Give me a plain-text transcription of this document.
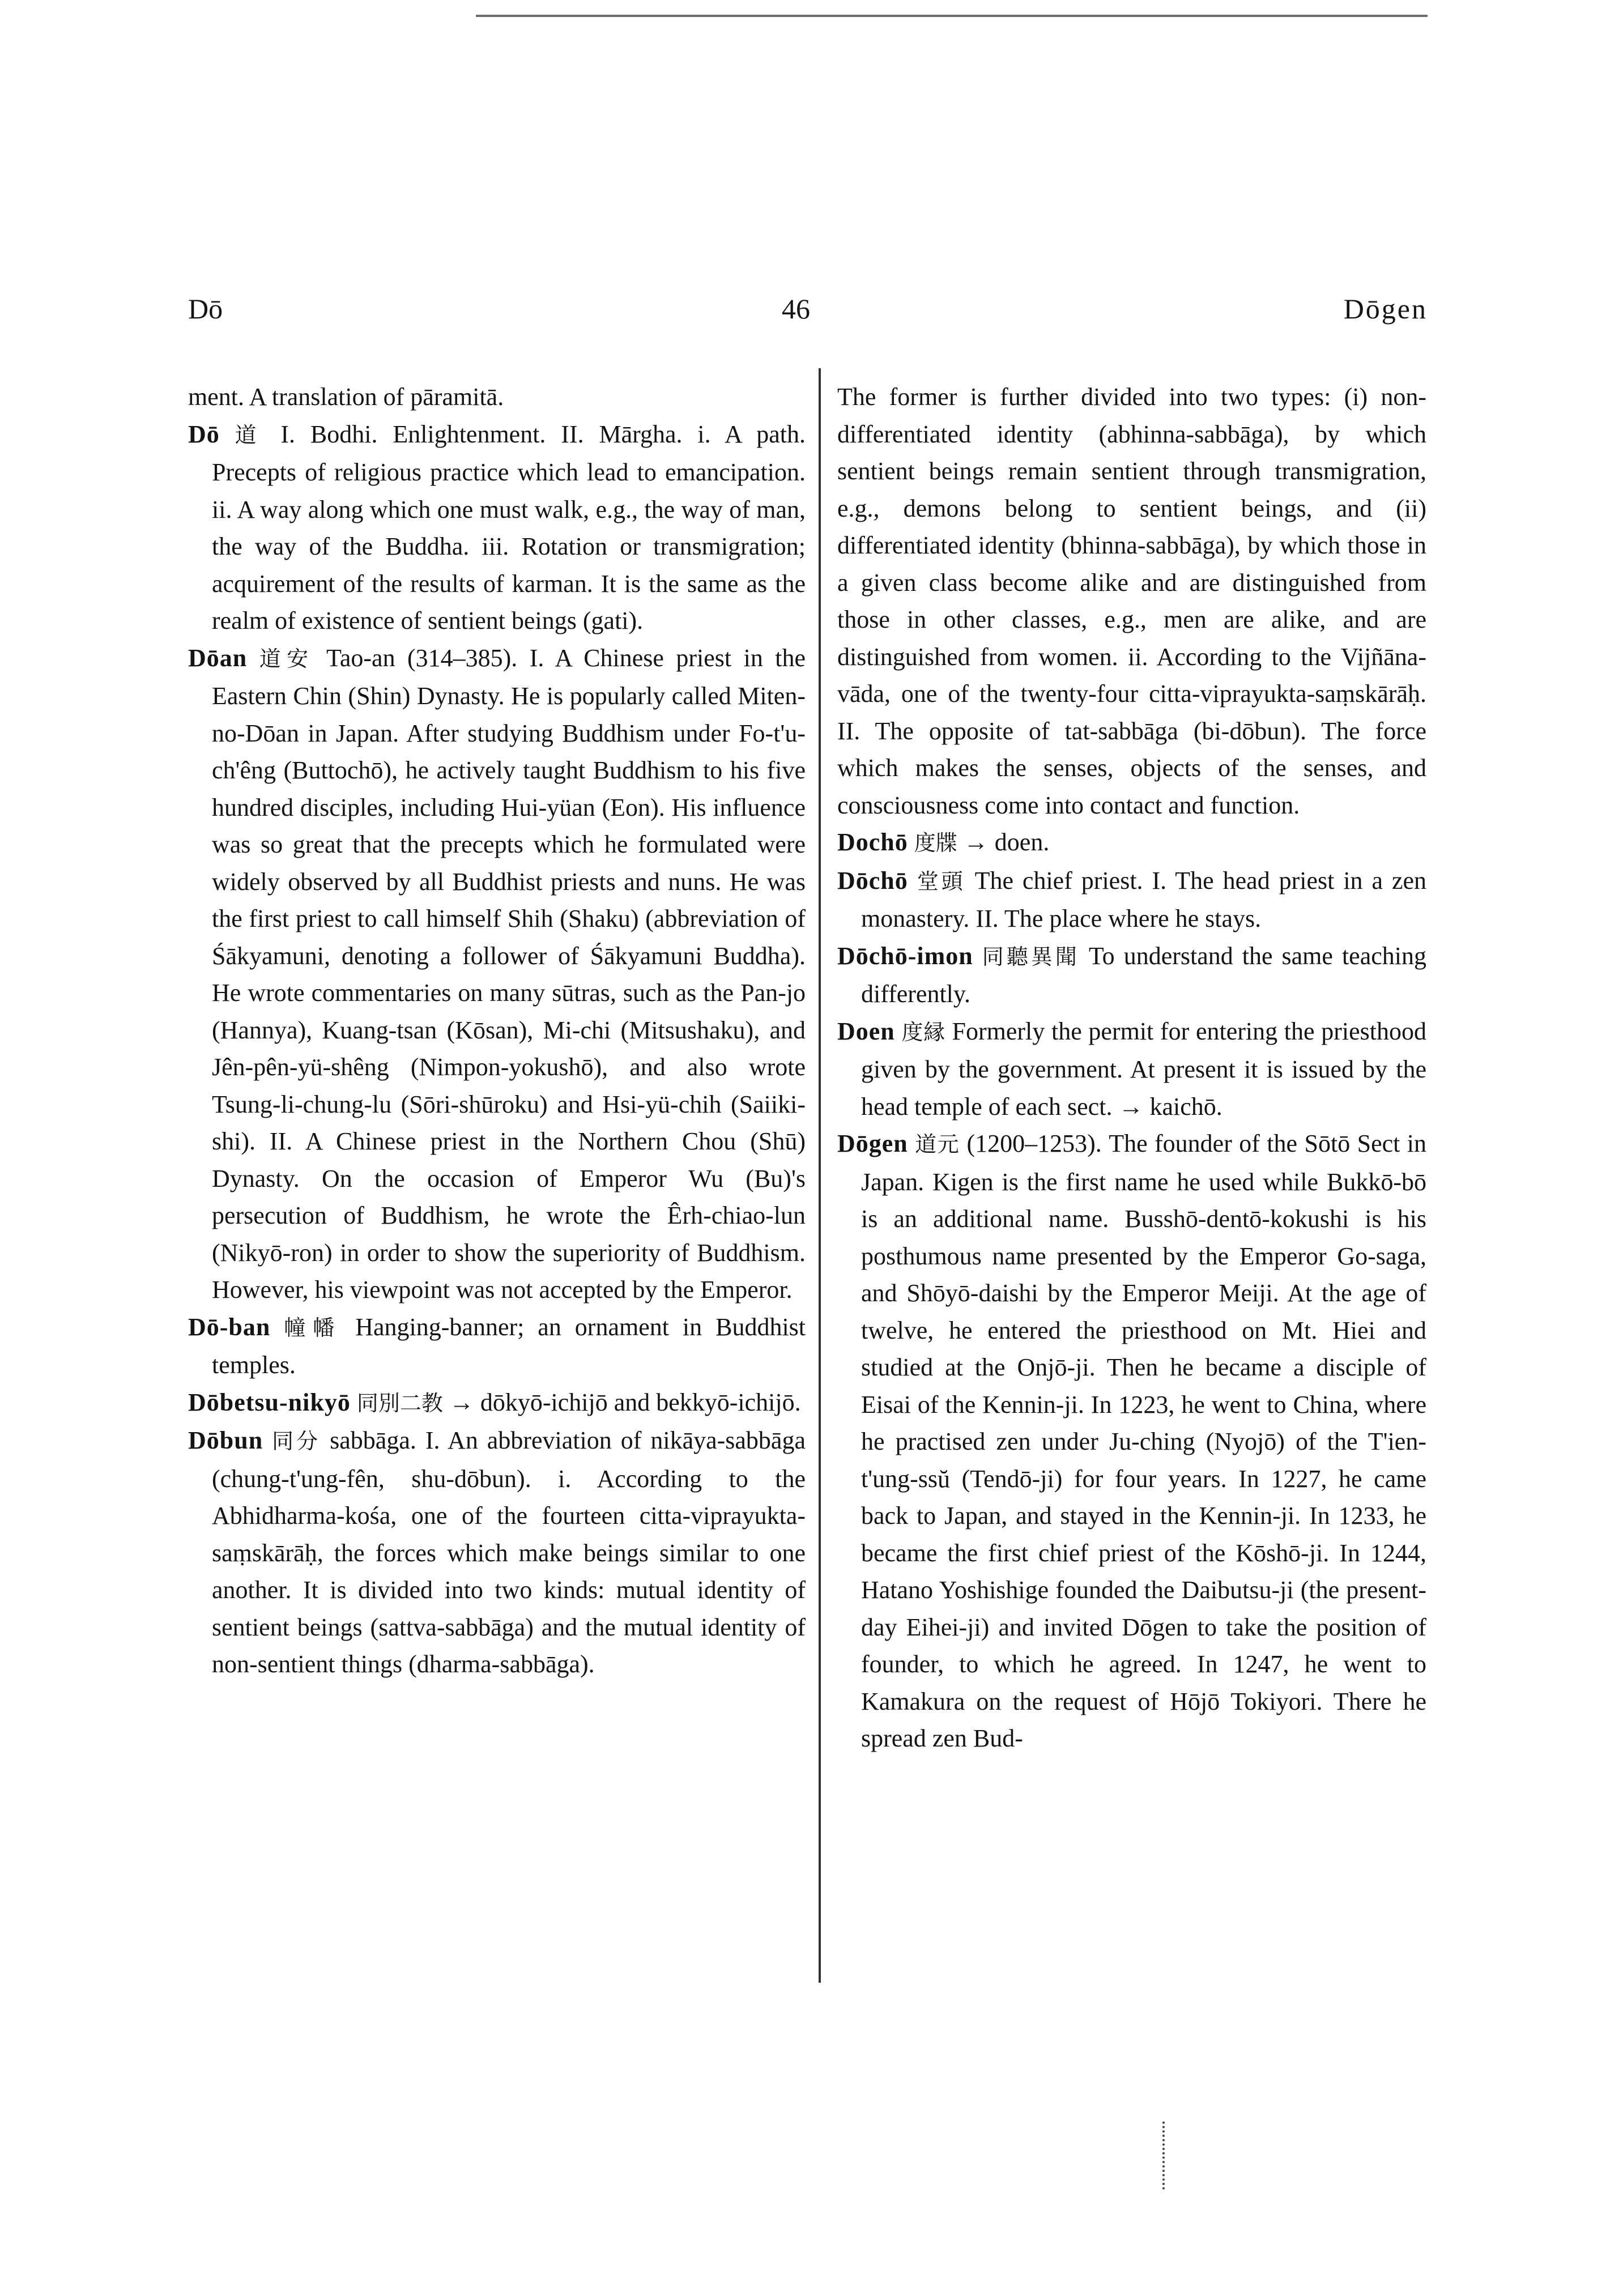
Dō	46	Dōgen

ment. A translation of pāramitā.

Dō 道 I. Bodhi. Enlightenment. II. Mārgha. i. A path. Precepts of religious practice which lead to emancipation. ii. A way along which one must walk, e.g., the way of man, the way of the Buddha. iii. Rotation or transmigration; acquirement of the results of karman. It is the same as the realm of existence of sentient beings (gati).

Dōan 道安 Tao-an (314–385). I. A Chinese priest in the Eastern Chin (Shin) Dynasty. He is popularly called Miten-no-Dōan in Japan. After studying Buddhism under Fo-t'u-ch'êng (Buttochō), he actively taught Buddhism to his five hundred disciples, including Hui-yüan (Eon). His influence was so great that the precepts which he formulated were widely observed by all Buddhist priests and nuns. He was the first priest to call himself Shih (Shaku) (abbreviation of Śākyamuni, denoting a follower of Śākyamuni Buddha). He wrote commentaries on many sūtras, such as the Pan-jo (Hannya), Kuang-tsan (Kōsan), Mi-chi (Mitsushaku), and Jên-pên-yü-shêng (Nimpon-yokushō), and also wrote Tsung-li-chung-lu (Sōri-shūroku) and Hsi-yü-chih (Saiiki-shi). II. A Chinese priest in the Northern Chou (Shū) Dynasty. On the occasion of Emperor Wu (Bu)'s persecution of Buddhism, he wrote the Êrh-chiao-lun (Nikyō-ron) in order to show the superiority of Buddhism. However, his viewpoint was not accepted by the Emperor.

Dō-ban 幢幡 Hanging-banner; an ornament in Buddhist temples.

Dōbetsu-nikyō 同別二教 → dōkyō-ichijō and bekkyō-ichijō.

Dōbun 同分 sabbāga. I. An abbreviation of nikāya-sabbāga (chung-t'ung-fên, shu-dōbun). i. According to the Abhidharma-kośa, one of the fourteen citta-viprayukta-saṃskārāḥ, the forces which make beings similar to one another. It is divided into two kinds: mutual identity of sentient beings (sattva-sabbāga) and the mutual identity of non-sentient things (dharma-sabbāga).

The former is further divided into two types: (i) non-differentiated identity (abhinna-sabbāga), by which sentient beings remain sentient through transmigration, e.g., demons belong to sentient beings, and (ii) differentiated identity (bhinna-sabbāga), by which those in a given class become alike and are distinguished from those in other classes, e.g., men are alike, and are distinguished from women. ii. According to the Vijñāna-vāda, one of the twenty-four citta-viprayukta-saṃskārāḥ. II. The opposite of tat-sabbāga (bi-dōbun). The force which makes the senses, objects of the senses, and consciousness come into contact and function.

Dochō 度牒 → doen.

Dōchō 堂頭 The chief priest. I. The head priest in a zen monastery. II. The place where he stays.

Dōchō-imon 同聽異聞 To understand the same teaching differently.

Doen 度縁 Formerly the permit for entering the priesthood given by the government. At present it is issued by the head temple of each sect. → kaichō.

Dōgen 道元 (1200–1253). The founder of the Sōtō Sect in Japan. Kigen is the first name he used while Bukkō-bō is an additional name. Busshō-dentō-kokushi is his posthumous name presented by the Emperor Go-saga, and Shōyō-daishi by the Emperor Meiji. At the age of twelve, he entered the priesthood on Mt. Hiei and studied at the Onjō-ji. Then he became a disciple of Eisai of the Kennin-ji. In 1223, he went to China, where he practised zen under Ju-ching (Nyojō) of the T'ien-t'ung-ssŭ (Tendō-ji) for four years. In 1227, he came back to Japan, and stayed in the Kennin-ji. In 1233, he became the first chief priest of the Kōshō-ji. In 1244, Hatano Yoshishige founded the Daibutsu-ji (the present-day Eihei-ji) and invited Dōgen to take the position of founder, to which he agreed. In 1247, he went to Kamakura on the request of Hōjō Tokiyori. There he spread zen Bud-
